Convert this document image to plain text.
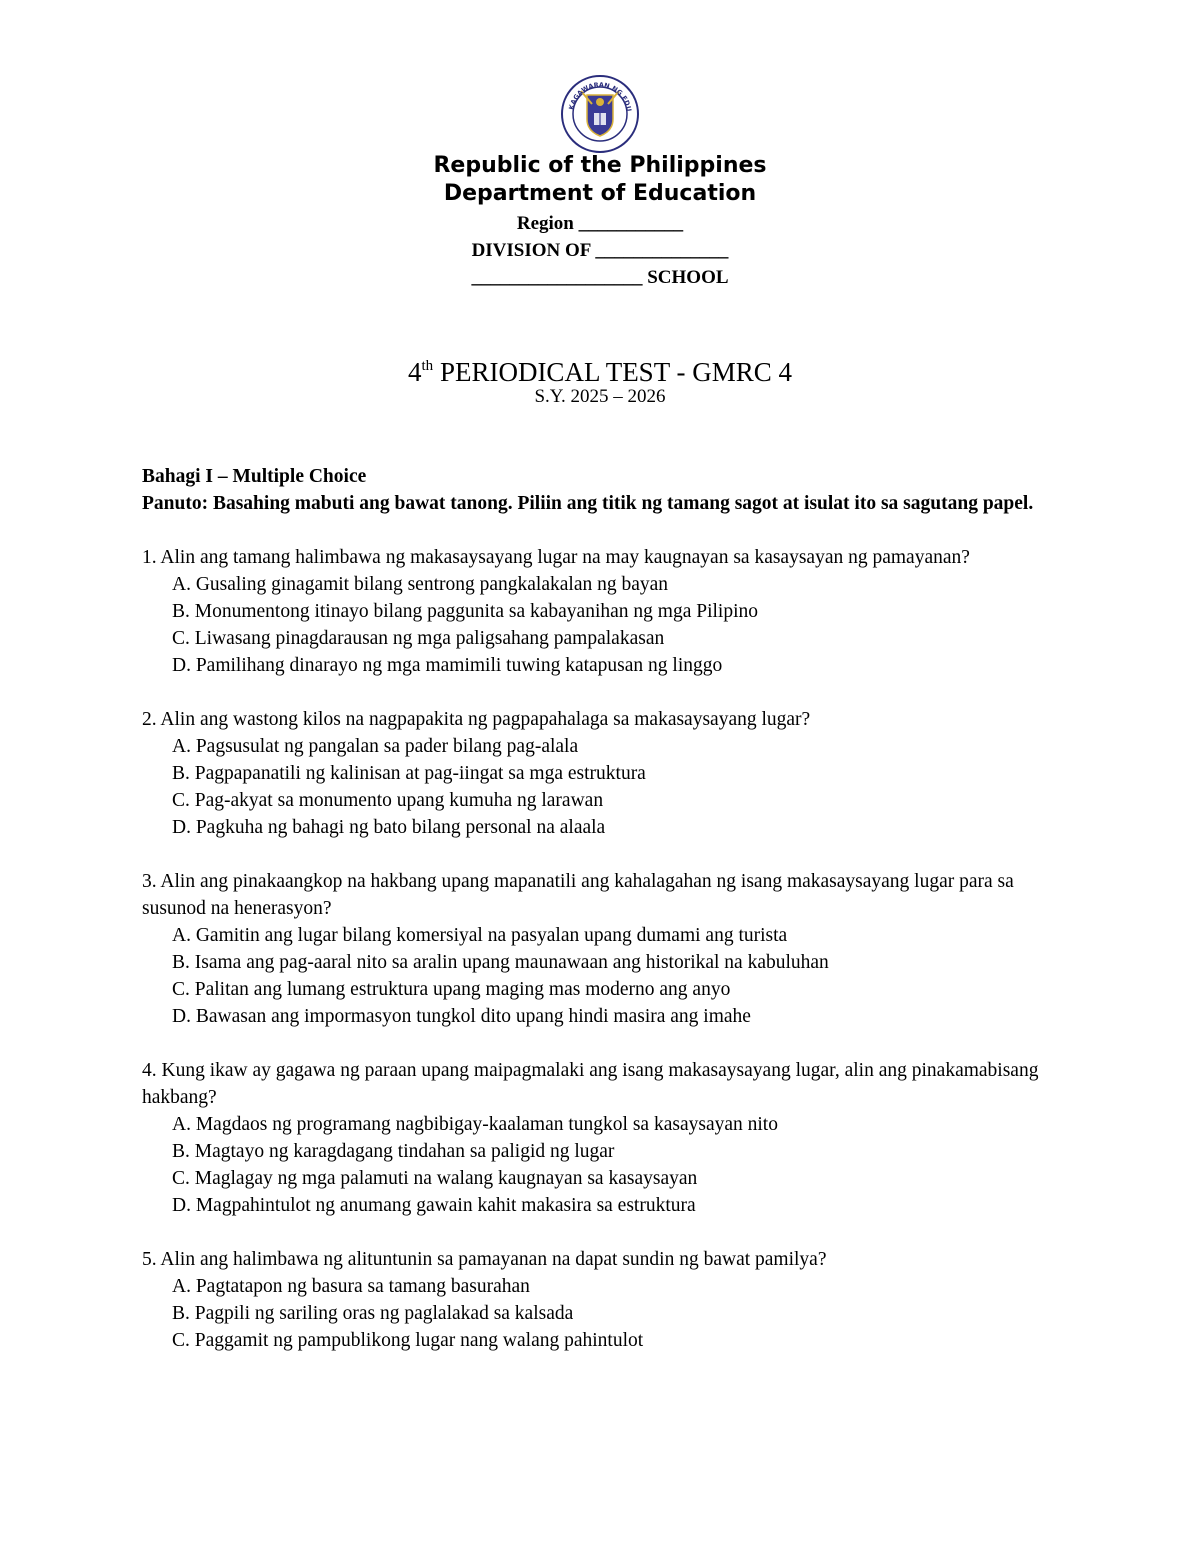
KAGAWARAN NG EDU
Republic of the Philippines
Department of Education
Region ___________
DIVISION OF ______________
__________________ SCHOOL
4th PERIODICAL TEST - GMRC 4
S.Y. 2025 – 2026
Bahagi I – Multiple Choice
Panuto: Basahing mabuti ang bawat tanong. Piliin ang titik ng tamang sagot at isulat ito sa sagutang papel.

1. Alin ang tamang halimbawa ng makasaysayang lugar na may kaugnayan sa kasaysayan ng pamayanan?

A. Gusaling ginagamit bilang sentrong pangkalakalan ng bayan
B. Monumentong itinayo bilang paggunita sa kabayanihan ng mga Pilipino
C. Liwasang pinagdarausan ng mga paligsahang pampalakasan
D. Pamilihang dinarayo ng mga mamimili tuwing katapusan ng linggo

2. Alin ang wastong kilos na nagpapakita ng pagpapahalaga sa makasaysayang lugar?

A. Pagsusulat ng pangalan sa pader bilang pag-alala
B. Pagpapanatili ng kalinisan at pag-iingat sa mga estruktura
C. Pag-akyat sa monumento upang kumuha ng larawan
D. Pagkuha ng bahagi ng bato bilang personal na alaala

3. Alin ang pinakaangkop na hakbang upang mapanatili ang kahalagahan ng isang makasaysayang lugar para sa susunod na henerasyon?

A. Gamitin ang lugar bilang komersiyal na pasyalan upang dumami ang turista
B. Isama ang pag-aaral nito sa aralin upang maunawaan ang historikal na kabuluhan
C. Palitan ang lumang estruktura upang maging mas moderno ang anyo
D. Bawasan ang impormasyon tungkol dito upang hindi masira ang imahe

4. Kung ikaw ay gagawa ng paraan upang maipagmalaki ang isang makasaysayang lugar, alin ang pinakamabisang hakbang?

A. Magdaos ng programang nagbibigay-kaalaman tungkol sa kasaysayan nito
B. Magtayo ng karagdagang tindahan sa paligid ng lugar
C. Maglagay ng mga palamuti na walang kaugnayan sa kasaysayan
D. Magpahintulot ng anumang gawain kahit makasira sa estruktura

5. Alin ang halimbawa ng alituntunin sa pamayanan na dapat sundin ng bawat pamilya?

A. Pagtatapon ng basura sa tamang basurahan
B. Pagpili ng sariling oras ng paglalakad sa kalsada
C. Paggamit ng pampublikong lugar nang walang pahintulot
